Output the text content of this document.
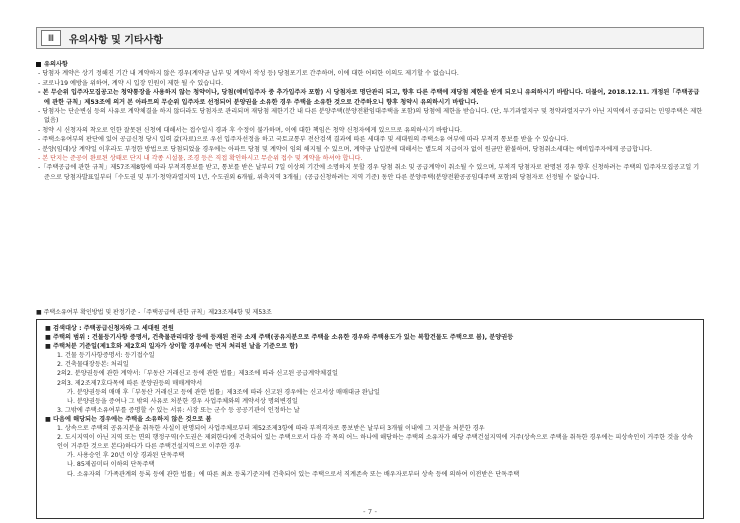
Ⅲ	유의사항 및 기타사항
유의사항
- 당첨자 계약은 상기 정해진 기간 내 계약하지 않은 경우(계약금 납부 및 계약서 작성 등) 당첨포기로 간주하며, 이에 대한 어떠한 이의도 제기할 수 없습니다.
- 코로나19 예방을 위하여, 계약 시 입장 인원이 제한 될 수 있습니다.
- 본 무순위 입주자모집공고는 청약통장을 사용하지 않는 청약이나, 당첨(예비입주자 중 추가입주자 포함) 시 당첨자로 명단관리 되고, 향후 다른 주택에 재당첨 제한을 받게 되오니 유의하시기 바랍니다. 더불어, 2018.12.11. 개정된「주택공급에 관한 규칙」제53조에 의거 본 아파트의 무순위 입주자로 선정되어 분양권을 소유한 경우 주택을 소유한 것으로 간주하오니 향후 청약시 유의하시기 바랍니다.
- 당첨자는 단순변심 등의 사유로 계약체결을 하지 않더라도 당첨자로 관리되며 재당첨 제한기간 내 다른 분양주택(분양전환임대주택을 포함)의 당첨에 제한을 받습니다. (단, 투기과열지구 및 청약과열지구가 아닌 지역에서 공급되는 민영주택은 제한없음)
- 청약 시 신청자의 착오로 인한 잘못된 신청에 대해서는 접수일시 경과 후 수정이 불가하며, 이에 대한 책임은 청약 신청자에게 있으므로 유의하시기 바랍니다.
- 주택소유여부의 판단에 있어 공급신청 당시 입력 값(자료)으로 우선 입주자선정을 하고 국토교통부 전산검색 결과에 따른 세대주 및 세대원의 주택소유 여부에 따라 부적격 통보를 받을 수 있습니다.
- 분양(임대)상 계약일 이후라도 부정한 방법으로 당첨되었을 경우에는 아파트 당첨 및 계약이 임의 해지될 수 있으며, 계약금 납입분에 대해서는 별도의 지급이자 없이 원금만 환불하며, 당첨취소세대는 예비입주자에게 공급합니다.
- 본 단지는 준공이 완료된 상태로 단지 내 각종 시설물, 조경 등은 직접 확인하시고 무순위 접수 및 계약을 하셔야 합니다.
-「주택공급에 관한 규칙」제57조제8항에 따라 부적격통보를 받고, 통보를 받은 날부터 7일 이상의 기간에 소명하지 못할 경우 당첨 취소 및 공급계약이 취소될 수 있으며, 부적격 당첨자로 판명된 경우 향후 신청하려는 주택의 입주자모집공고일 기준으로 당첨자발표일부터「수도권 및 투기·청약과열지역 1년, 수도권외 6개월, 위축지역 3개월」(공급신청하려는 지역 기준) 동안 다른 분양주택(분양전환공공임대주택 포함)의 당첨자로 선정될 수 없습니다.
■ 주택소유여부 확인방법 및 판정기준 -「주택공급에 관한 규칙」제23조제4항 및 제53조
■ 검색대상 : 주택공급신청자와 그 세대원 전원
■ 주택의 범위 : 건물등기사항 증명서, 건축물관리대장 등에 등재된 전국 소재 주택(공유지분으로 주택을 소유한 경우와 주택용도가 있는 복합건물도 주택으로 봄), 분양권등
■ 주택처분 기준일(제1호와 제2호의 일자가 상이할 경우에는 먼저 처리된 날을 기준으로 함)
1. 건물 등기사항증명서: 등기접수일
2. 건축물대장등본: 처리일
2의2. 분양권등에 관한 계약서:「부동산 거래신고 등에 관한 법률」제3조에 따라 신고된 공급계약체결일
2의3. 제2조제7호다목에 따른 분양권등의 매매계약서
가. 분양권등의 매매 후「부동산 거래신고 등에 관한 법률」제3조에 따라 신고된 경우에는 신고서상 매매대금 완납일
나. 분양권등을 증여나 그 밖의 사유로 처분한 경우 사업주체와의 계약서상 명의변경일
3. 그밖에 주택소유여부를 증명할 수 있는 서류: 시장 또는 군수 등 공공기관이 인정하는 날
■ 다음에 해당되는 경우에는 주택을 소유하지 않은 것으로 봄
1. 상속으로 주택의 공유지분을 취득한 사실이 판명되어 사업주체로부터 제52조제3항에 따라 부적격자로 통보받은 날부터 3개월 이내에 그 지분을 처분한 경우
2. 도시지역이 아닌 지역 또는 면의 행정구역(수도권은 제외한다)에 건축되어 있는 주택으로서 다음 각 목의 어느 하나에 해당하는 주택의 소유자가 해당 주택건설지역에 거주(상속으로 주택을 취득한 경우에는 피상속인이 거주한 것을 상속인이 거주한 것으로 본다)하다가 다른 주택건설지역으로 이주한 경우
가. 사용승인 후 20년 이상 경과된 단독주택
나. 85제곱미터 이하의 단독주택
다. 소유자의「가족관계의 등록 등에 관한 법률」에 따른 최초 등록기준지에 건축되어 있는 주택으로서 직계존속 또는 배우자로부터 상속 등에 의하여 이전받은 단독주택
- 7 -
